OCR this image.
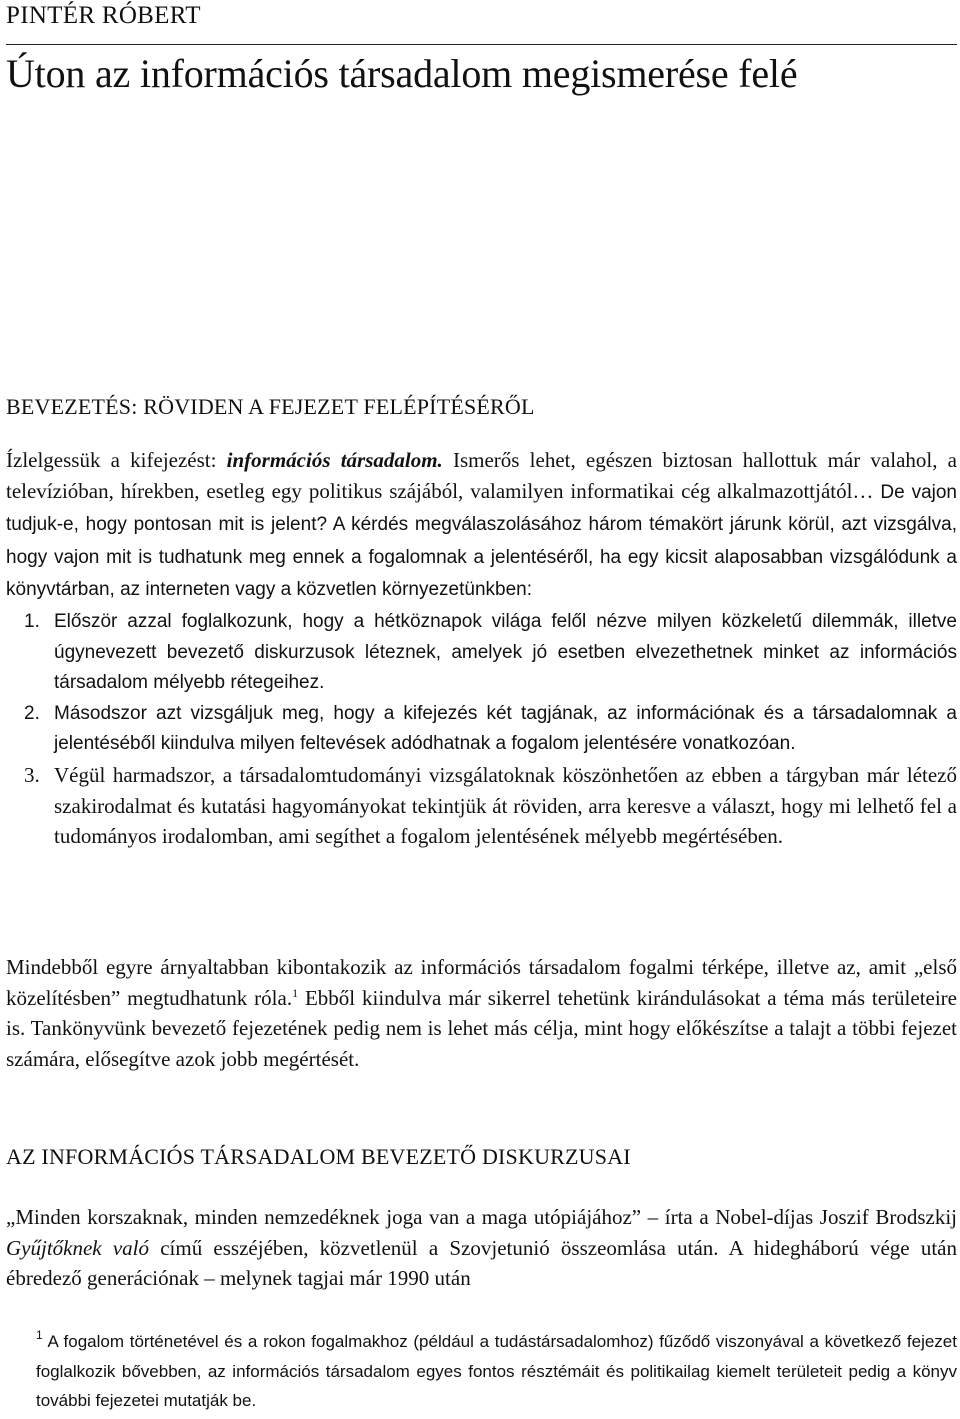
PINTÉR RÓBERT
Úton az információs társadalom megismerése felé
BEVEZETÉS: RÖVIDEN A FEJEZET FELÉPÍTÉSÉRŐL
Ízlelgessük a kifejezést: információs társadalom. Ismerős lehet, egészen biztosan hallottuk már valahol, a televízióban, hírekben, esetleg egy politikus szájából, valamilyen informatikai cég alkalmazottjától… De vajon tudjuk-e, hogy pontosan mit is jelent? A kérdés megválaszolásához három témakört járunk körül, azt vizsgálva, hogy vajon mit is tudhatunk meg ennek a fogalomnak a jelentéséről, ha egy kicsit alaposabban vizsgálódunk a könyvtárban, az interneten vagy a közvetlen környezetünkben:
1. Először azzal foglalkozunk, hogy a hétköznapok világa felől nézve milyen közkeletű dilemmák, illetve úgynevezett bevezető diskurzusok léteznek, amelyek jó esetben elvezethetnek minket az információs társadalom mélyebb rétegeihez.
2. Másodszor azt vizsgáljuk meg, hogy a kifejezés két tagjának, az információnak és a társadalomnak a jelentéséből kiindulva milyen feltevések adódhatnak a fogalom jelentésére vonatkozóan.
3. Végül harmadszor, a társadalomtudományi vizsgálatoknak köszönhetően az ebben a tárgyban már létező szakirodalmat és kutatási hagyományokat tekintjük át röviden, arra keresve a választ, hogy mi lelhető fel a tudományos irodalomban, ami segíthet a fogalom jelentésének mélyebb megértésében.
Mindebből egyre árnyaltabban kibontakozik az információs társadalom fogalmi térképe, illetve az, amit „első közelítésben” megtudhatunk róla.$^1$ Ebből kiindulva már sikerrel tehetünk kirándulásokat a téma más területeire is. Tankönyvünk bevezető fejezetének pedig nem is lehet más célja, mint hogy előkészítse a talajt a többi fejezet számára, elősegítve azok jobb megértését.
AZ INFORMÁCIÓS TÁRSADALOM BEVEZETŐ DISKURZUSAI
„Minden korszaknak, minden nemzedéknek joga van a maga utópiájához” – írta a Nobel-díjas Joszif Brodszkij Gyűjtőknek való című esszéjében, közvetlenül a Szovjetunió összeomlása után. A hidegháború vége után ébredező generációnak – melynek tagjai már 1990 után
$^1$ A fogalom történetével és a rokon fogalmakhoz (például a tudástársadalomhoz) fűződő viszonyával a következő fejezet foglalkozik bővebben, az információs társadalom egyes fontos résztémáit és politikailag kiemelt területeit pedig a könyv további fejezetei mutatják be.
